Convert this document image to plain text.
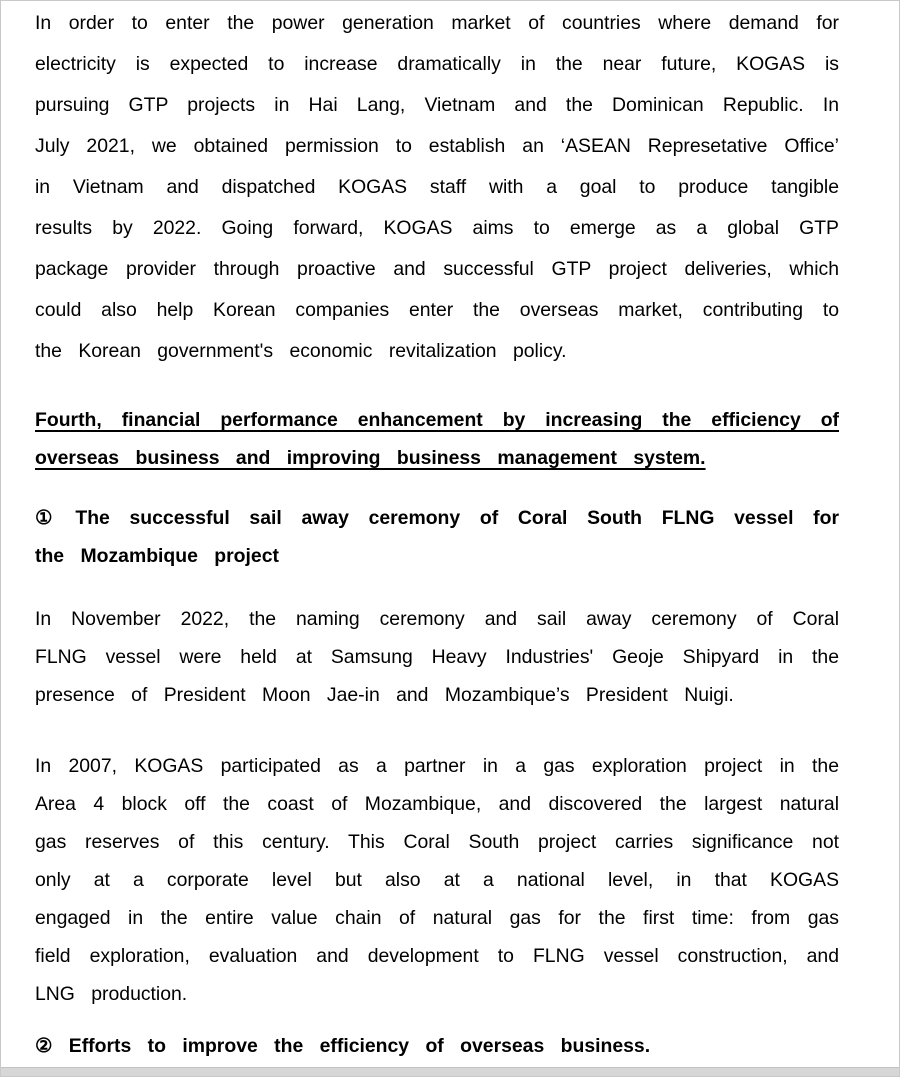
In order to enter the power generation market of countries where demand for electricity is expected to increase dramatically in the near future, KOGAS is pursuing GTP projects in Hai Lang, Vietnam and the Dominican Republic. In July 2021, we obtained permission to establish an ‘ASEAN Represetative Office’ in Vietnam and dispatched KOGAS staff with a goal to produce tangible results by 2022. Going forward, KOGAS aims to emerge as a global GTP package provider through proactive and successful GTP project deliveries, which could also help Korean companies enter the overseas market, contributing to the Korean government's economic revitalization policy.

Fourth, financial performance enhancement by increasing the efficiency of overseas business and improving business management system.

① The successful sail away ceremony of Coral South FLNG vessel for the Mozambique project

In November 2022, the naming ceremony and sail away ceremony of Coral FLNG vessel were held at Samsung Heavy Industries' Geoje Shipyard in the presence of President Moon Jae-in and Mozambique’s President Nuigi.

In 2007, KOGAS participated as a partner in a gas exploration project in the Area 4 block off the coast of Mozambique, and discovered the largest natural gas reserves of this century. This Coral South project carries significance not only at a corporate level but also at a national level, in that KOGAS engaged in the entire value chain of natural gas for the first time: from gas field exploration, evaluation and development to FLNG vessel construction, and LNG production.

② Efforts to improve the efficiency of overseas business.
